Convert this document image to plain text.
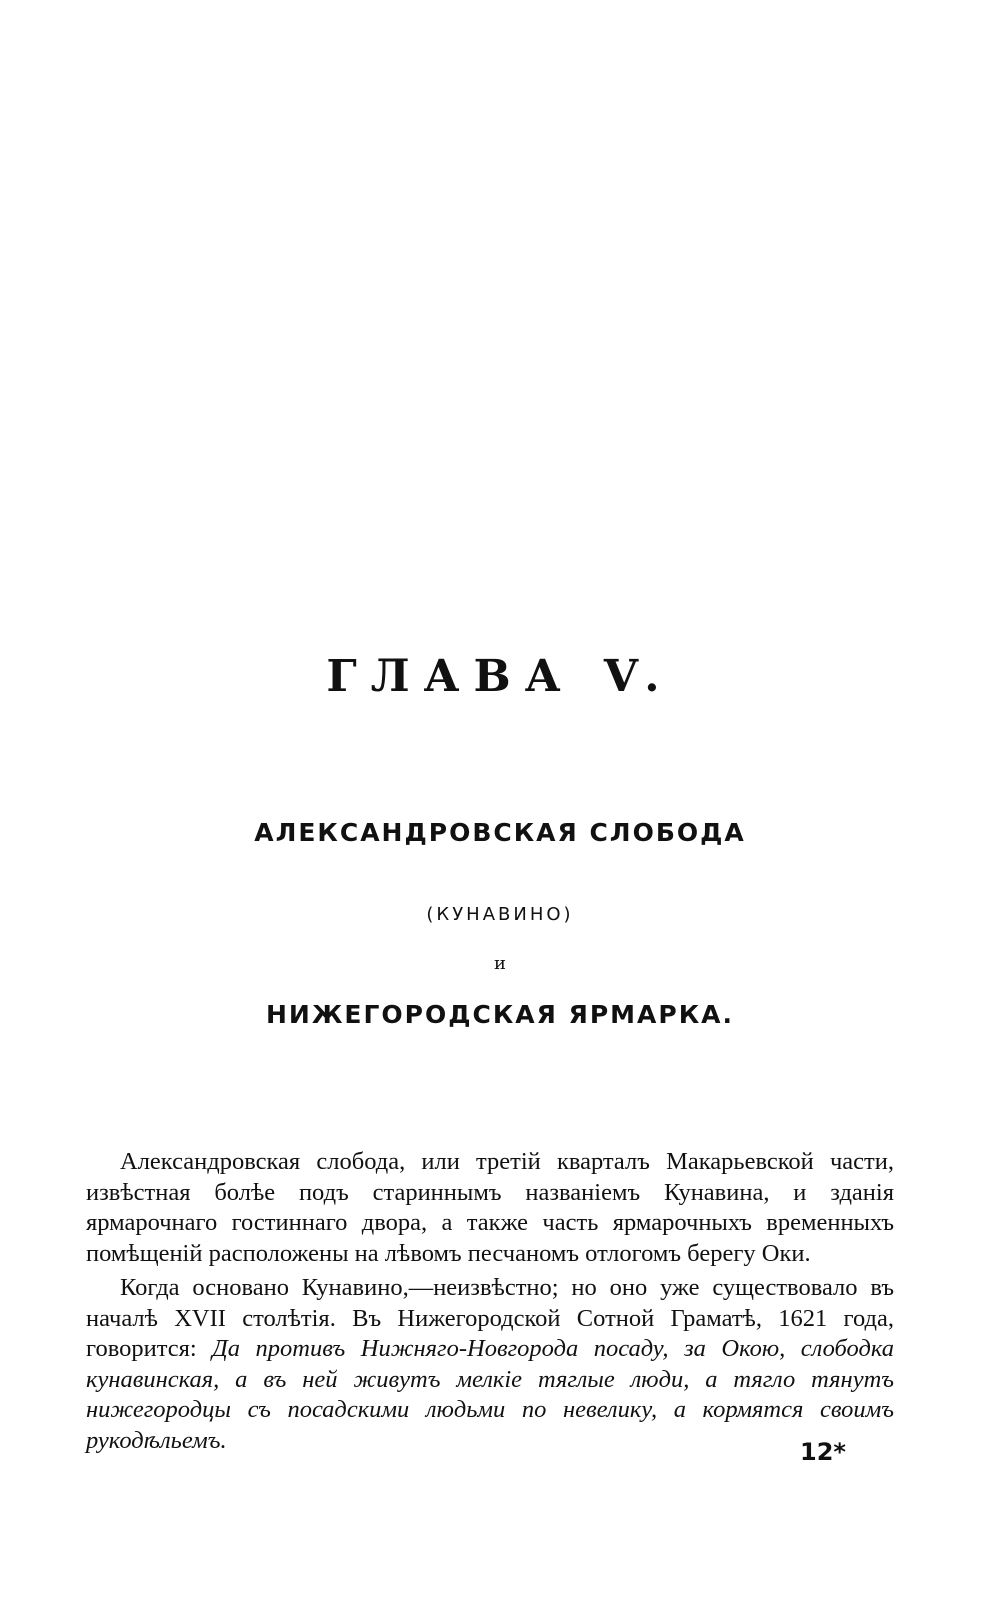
ГЛАВА V.
АЛЕКСАНДРОВСКАЯ СЛОБОДА
(КУНАВИНО)
и
НИЖЕГОРОДСКАЯ ЯРМАРКА.

Александровская слобода, или третій кварталъ Макарьевской части, извѣстная болѣе подъ стариннымъ названіемъ Кунавина, и зданія ярмарочнаго гостиннаго двора, а также часть ярмарочныхъ временныхъ помѣщеній расположены на лѣвомъ песчаномъ отлогомъ берегу Оки.

Когда основано Кунавино,—неизвѣстно; но оно уже существовало въ началѣ XVII столѣтія. Въ Нижегородской Сотной Граматѣ, 1621 года, говорится: Да противъ Нижняго-Новгорода посаду, за Окою, слободка кунавинская, а въ ней живутъ мелкіе тяглые люди, а тягло тянутъ нижегородцы съ посадскими людьми по невелику, а кормятся своимъ рукодѣльемъ.	12*
